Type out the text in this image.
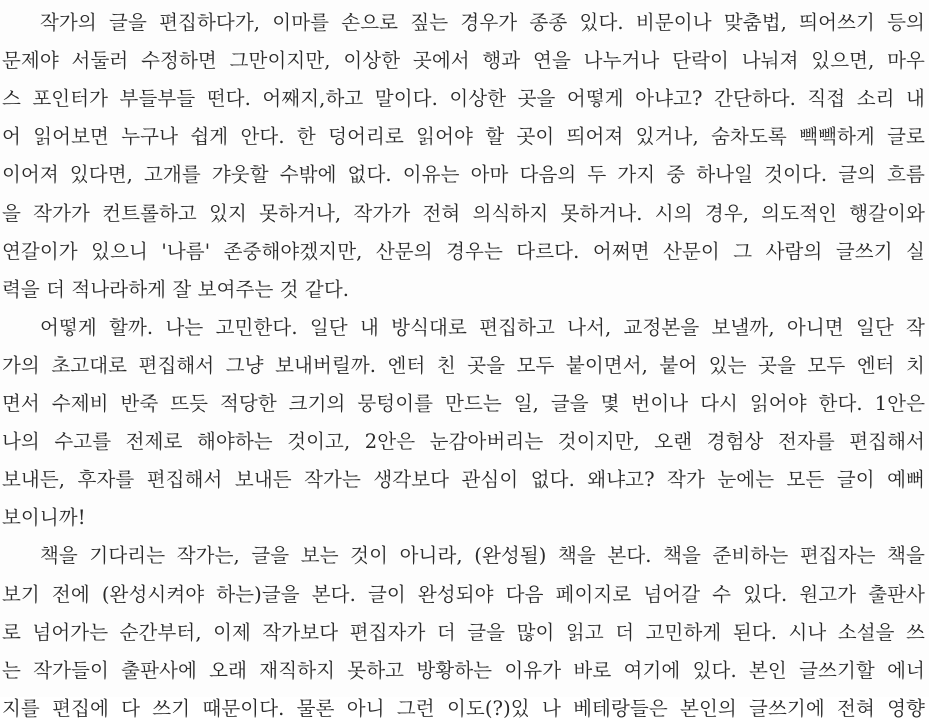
작가의 글을 편집하다가, 이마를 손으로 짚는 경우가 종종 있다. 비문이나 맞춤법, 띄어쓰기 등의
문제야 서둘러 수정하면 그만이지만, 이상한 곳에서 행과 연을 나누거나 단락이 나눠져 있으면, 마우
스 포인터가 부들부들 떤다. 어째지,하고 말이다. 이상한 곳을 어떻게 아냐고? 간단하다. 직접 소리 내
어 읽어보면 누구나 쉽게 안다. 한 덩어리로 읽어야 할 곳이 띄어져 있거나, 숨차도록 빽빽하게 글로
이어져 있다면, 고개를 갸웃할 수밖에 없다. 이유는 아마 다음의 두 가지 중 하나일 것이다. 글의 흐름
을 작가가 컨트롤하고 있지 못하거나, 작가가 전혀 의식하지 못하거나. 시의 경우, 의도적인 행갈이와
연갈이가 있으니 '나름' 존중해야겠지만, 산문의 경우는 다르다. 어쩌면 산문이 그 사람의 글쓰기 실
력을 더 적나라하게 잘 보여주는 것 같다.
어떻게 할까. 나는 고민한다. 일단 내 방식대로 편집하고 나서, 교정본을 보낼까, 아니면 일단 작
가의 초고대로 편집해서 그냥 보내버릴까. 엔터 친 곳을 모두 붙이면서, 붙어 있는 곳을 모두 엔터 치
면서 수제비 반죽 뜨듯 적당한 크기의 뭉텅이를 만드는 일, 글을 몇 번이나 다시 읽어야 한다. 1안은
나의 수고를 전제로 해야하는 것이고, 2안은 눈감아버리는 것이지만, 오랜 경험상 전자를 편집해서
보내든, 후자를 편집해서 보내든 작가는 생각보다 관심이 없다. 왜냐고? 작가 눈에는 모든 글이 예뻐
보이니까!
책을 기다리는 작가는, 글을 보는 것이 아니라, (완성될) 책을 본다. 책을 준비하는 편집자는 책을
보기 전에 (완성시켜야 하는)글을 본다. 글이 완성되야 다음 페이지로 넘어갈 수 있다. 원고가 출판사
로 넘어가는 순간부터, 이제 작가보다 편집자가 더 글을 많이 읽고 더 고민하게 된다. 시나 소설을 쓰
는 작가들이 출판사에 오래 재직하지 못하고 방황하는 이유가 바로 여기에 있다. 본인 글쓰기할 에너
지를 편집에 다 쓰기 때문이다. 물론 아니 그런 이도(?)있 나 베테랑들은 본인의 글쓰기에 전혀 영향
